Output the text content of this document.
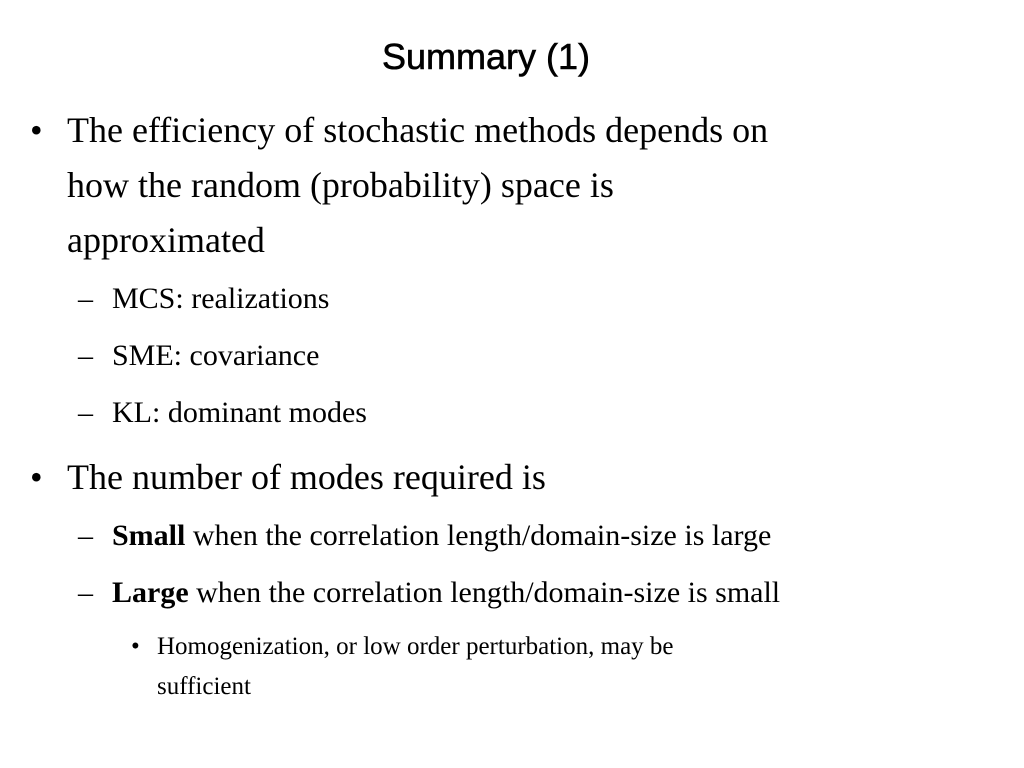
Summary (1)
• The efficiency of stochastic methods depends on

how the random (probability) space is

approximated

– MCS: realizations

– SME: covariance

– KL: dominant modes

• The number of modes required is

– Small when the correlation length/domain-size is large

– Large when the correlation length/domain-size is small

• Homogenization, or low order perturbation, may be

sufficient
